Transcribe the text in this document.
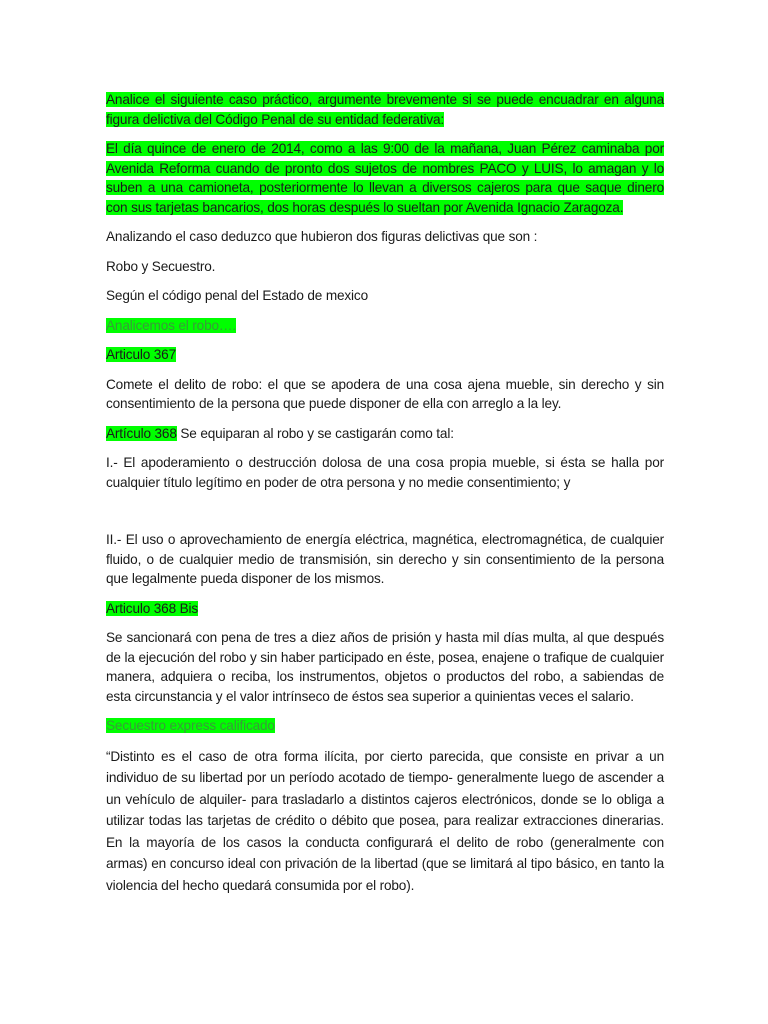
Analice el siguiente caso práctico, argumente brevemente si se puede encuadrar en alguna figura delictiva del Código Penal de su entidad federativa:

El día quince de enero de 2014, como a las 9:00 de la mañana, Juan Pérez caminaba por Avenida Reforma cuando de pronto dos sujetos de nombres PACO y LUIS, lo amagan y lo suben a una camioneta, posteriormente lo llevan a diversos cajeros para que saque dinero con sus tarjetas bancarios, dos horas después lo sueltan por Avenida Ignacio Zaragoza.

Analizando el caso deduzco que hubieron dos figuras delictivas que son :

Robo y Secuestro.

Según el código penal del Estado de mexico

Analicemos el robo….

Articulo 367

Comete el delito de robo: el que se apodera de una cosa ajena mueble, sin derecho y sin consentimiento de la persona que puede disponer de ella con arreglo a la ley.

Artículo 368 Se equiparan al robo y se castigarán como tal:

I.- El apoderamiento o destrucción dolosa de una cosa propia mueble, si ésta se halla por cualquier título legítimo en poder de otra persona y no medie consentimiento; y

II.- El uso o aprovechamiento de energía eléctrica, magnética, electromagnética, de cualquier fluido, o de cualquier medio de transmisión, sin derecho y sin consentimiento de la persona que legalmente pueda disponer de los mismos.

Articulo 368 Bis

Se sancionará con pena de tres a diez años de prisión y hasta mil días multa, al que después de la ejecución del robo y sin haber participado en éste, posea, enajene o trafique de cualquier manera, adquiera o reciba, los instrumentos, objetos o productos del robo, a sabiendas de esta circunstancia y el valor intrínseco de éstos sea superior a quinientas veces el salario.

Secuestro express calificado

“Distinto es el caso de otra forma ilícita, por cierto parecida, que consiste en privar a un individuo de su libertad por un período acotado de tiempo- generalmente luego de ascender a un vehículo de alquiler- para trasladarlo a distintos cajeros electrónicos, donde se lo obliga a utilizar todas las tarjetas de crédito o débito que posea, para realizar extracciones dinerarias. En la mayoría de los casos la conducta configurará el delito de robo (generalmente con armas) en concurso ideal con privación de la libertad (que se limitará al tipo básico, en tanto la violencia del hecho quedará consumida por el robo).
